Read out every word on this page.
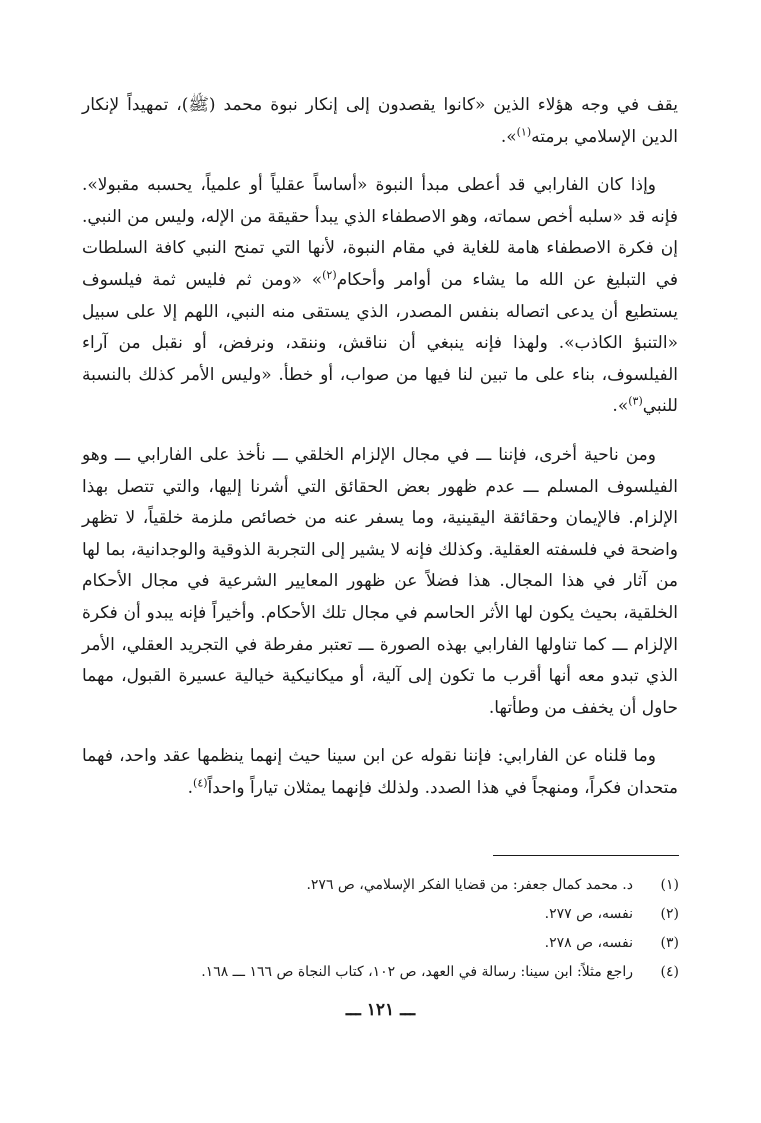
يقف في وجه هؤلاء الذين «كانوا يقصدون إلى إنكار نبوة محمد (ﷺ)، تمهيداً لإنكار الدين الإسلامي برمته$^{(١)}$».

وإذا كان الفارابي قد أعطى مبدأ النبوة «أساساً عقلياً أو علمياً، يحسبه مقبولا». فإنه قد «سلبه أخص سماته، وهو الاصطفاء الذي يبدأ حقيقة من الإله، وليس من النبي. إن فكرة الاصطفاء هامة للغاية في مقام النبوة، لأنها التي تمنح النبي كافة السلطات في التبليغ عن الله ما يشاء من أوامر وأحكام$^{(٢)}$» «ومن ثم فليس ثمة فيلسوف يستطيع أن يدعى اتصاله بنفس المصدر، الذي يستقى منه النبي، اللهم إلا على سبيل «التنبؤ الكاذب». ولهذا فإنه ينبغي أن نناقش، وننقد، ونرفض، أو نقبل من آراء الفيلسوف، بناء على ما تبين لنا فيها من صواب، أو خطأ. «وليس الأمر كذلك بالنسبة للنبي$^{(٣)}$».

ومن ناحية أخرى، فإننا ـــ في مجال الإلزام الخلقي ـــ نأخذ على الفارابي ـــ وهو الفيلسوف المسلم ـــ عدم ظهور بعض الحقائق التي أشرنا إليها، والتي تتصل بهذا الإلزام. فالإيمان وحقائقة اليقينية، وما يسفر عنه من خصائص ملزمة خلقياً، لا تظهر واضحة في فلسفته العقلية. وكذلك فإنه لا يشير إلى التجربة الذوقية والوجدانية، بما لها من آثار في هذا المجال. هذا فضلاً عن ظهور المعايير الشرعية في مجال الأحكام الخلقية، بحيث يكون لها الأثر الحاسم في مجال تلك الأحكام. وأخيراً فإنه يبدو أن فكرة الإلزام ـــ كما تناولها الفارابي بهذه الصورة ـــ تعتبر مفرطة في التجريد العقلي، الأمر الذي تبدو معه أنها أقرب ما تكون إلى آلية، أو ميكانيكية خيالية عسيرة القبول، مهما حاول أن يخفف من وطأتها.

وما قلناه عن الفارابي: فإننا نقوله عن ابن سينا حيث إنهما ينظمها عقد واحد، فهما متحدان فكراً، ومنهجاً في هذا الصدد. ولذلك فإنهما يمثلان تياراً واحداً$^{(٤)}$.

(١)
د. محمد كمال جعفر: من قضايا الفكر الإسلامي، ص ٢٧٦.
(٢)
نفسه، ص ٢٧٧.
(٣)
نفسه، ص ٢٧٨.
(٤)
راجع مثلاً: ابن سينا: رسالة في العهد، ص ١٠٢، كتاب النجاة ص ١٦٦ ـــ ١٦٨.
ـــ ١٢١ ـــ
